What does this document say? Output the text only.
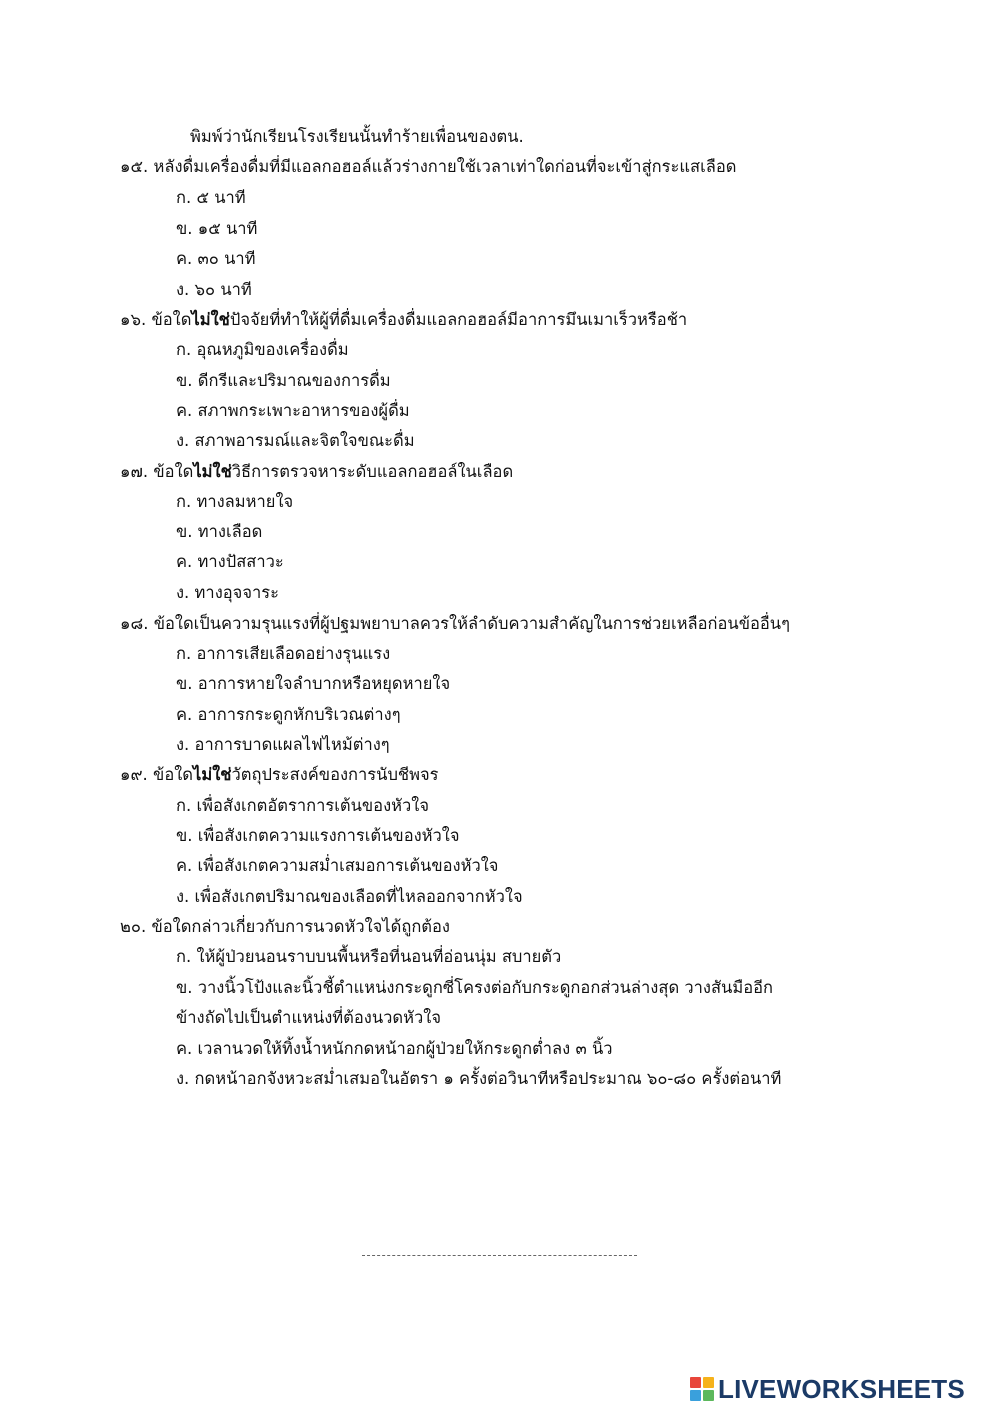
พิมพ์ว่านักเรียนโรงเรียนนั้นทำร้ายเพื่อนของตน.
๑๕. หลังดื่มเครื่องดื่มที่มีแอลกอฮอล์แล้วร่างกายใช้เวลาเท่าใดก่อนที่จะเข้าสู่กระแสเลือด
ก. ๕ นาที
ข. ๑๕ นาที
ค. ๓๐ นาที
ง. ๖๐ นาที
๑๖. ข้อใดไม่ใช่ปัจจัยที่ทำให้ผู้ที่ดื่มเครื่องดื่มแอลกอฮอล์มีอาการมึนเมาเร็วหรือช้า
ก. อุณหภูมิของเครื่องดื่ม
ข. ดีกรีและปริมาณของการดื่ม
ค. สภาพกระเพาะอาหารของผู้ดื่ม
ง. สภาพอารมณ์และจิตใจขณะดื่ม
๑๗. ข้อใดไม่ใช่วิธีการตรวจหาระดับแอลกอฮอล์ในเลือด
ก. ทางลมหายใจ
ข. ทางเลือด
ค. ทางปัสสาวะ
ง. ทางอุจจาระ
๑๘. ข้อใดเป็นความรุนแรงที่ผู้ปฐมพยาบาลควรให้ลำดับความสำคัญในการช่วยเหลือก่อนข้ออื่นๆ
ก. อาการเสียเลือดอย่างรุนแรง
ข. อาการหายใจลำบากหรือหยุดหายใจ
ค. อาการกระดูกหักบริเวณต่างๆ
ง. อาการบาดแผลไฟไหม้ต่างๆ
๑๙. ข้อใดไม่ใช่วัตถุประสงค์ของการนับชีพจร
ก. เพื่อสังเกตอัตราการเต้นของหัวใจ
ข. เพื่อสังเกตความแรงการเต้นของหัวใจ
ค. เพื่อสังเกตความสม่ำเสมอการเต้นของหัวใจ
ง. เพื่อสังเกตปริมาณของเลือดที่ไหลออกจากหัวใจ
๒๐. ข้อใดกล่าวเกี่ยวกับการนวดหัวใจได้ถูกต้อง
ก. ให้ผู้ป่วยนอนราบบนพื้นหรือที่นอนที่อ่อนนุ่ม สบายตัว
ข. วางนิ้วโป้งและนิ้วชี้ตำแหน่งกระดูกซี่โครงต่อกับกระดูกอกส่วนล่างสุด วางสันมืออีก
ข้างถัดไปเป็นตำแหน่งที่ต้องนวดหัวใจ
ค. เวลานวดให้ทิ้งน้ำหนักกดหน้าอกผู้ป่วยให้กระดูกต่ำลง ๓ นิ้ว
ง. กดหน้าอกจังหวะสม่ำเสมอในอัตรา ๑ ครั้งต่อวินาทีหรือประมาณ ๖๐-๘๐ ครั้งต่อนาที
LIVEWORKSHEETS
